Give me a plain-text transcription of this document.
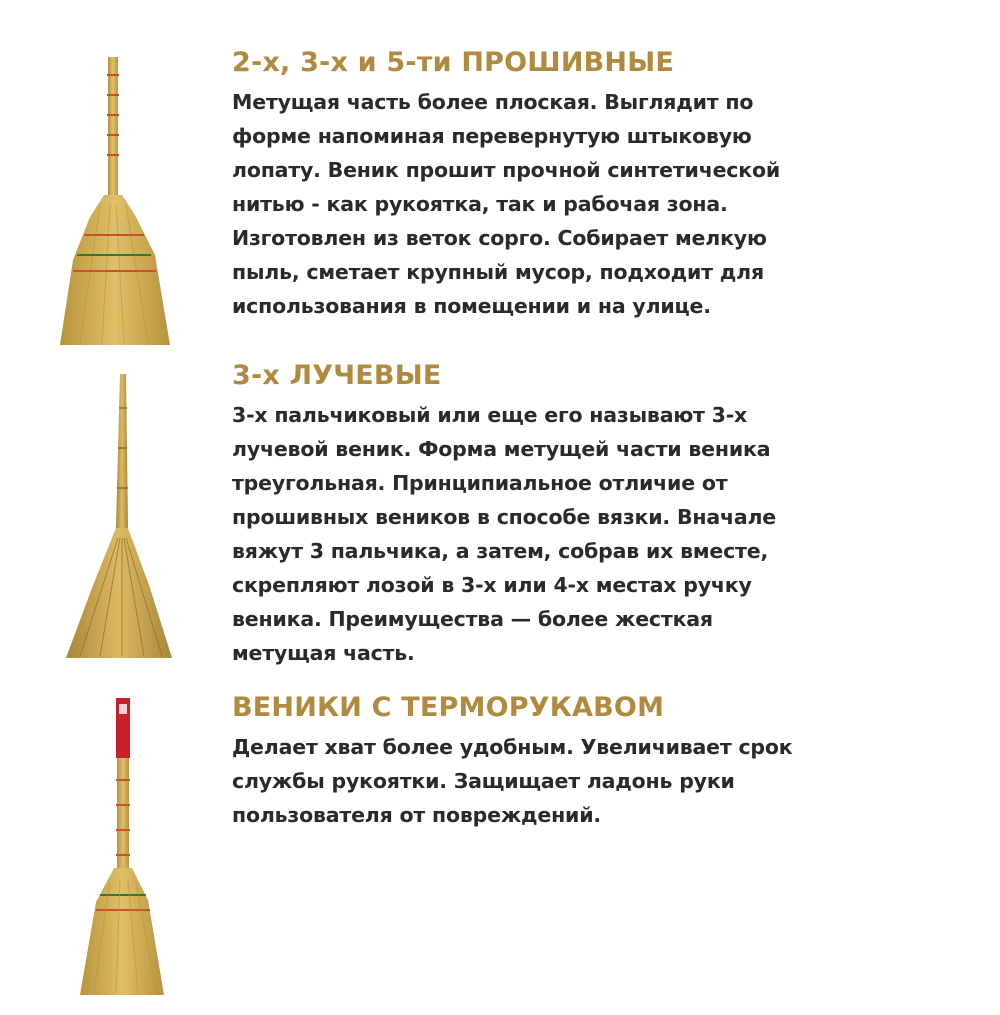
2-х, 3-х и 5-ти ПРОШИВНЫЕ
Метущая часть более плоская. Выглядит по
форме напоминая перевернутую штыковую
лопату. Веник прошит прочной синтетической
нитью - как рукоятка, так и рабочая зона.
Изготовлен из веток сорго. Собирает мелкую
пыль, сметает крупный мусор, подходит для
использования в помещении и на улице.
3-х ЛУЧЕВЫЕ
3-х пальчиковый или еще его называют 3-х
лучевой веник. Форма метущей части веника
треугольная. Принципиальное отличие от
прошивных веников в способе вязки. Вначале
вяжут 3 пальчика, а затем, собрав их вместе,
скрепляют лозой в 3-х или 4-х местах ручку
веника. Преимущества — более жесткая
метущая часть.
ВЕНИКИ С ТЕРМОРУКАВОМ
Делает хват более удобным. Увеличивает срок
службы рукоятки. Защищает ладонь руки
пользователя от повреждений.
